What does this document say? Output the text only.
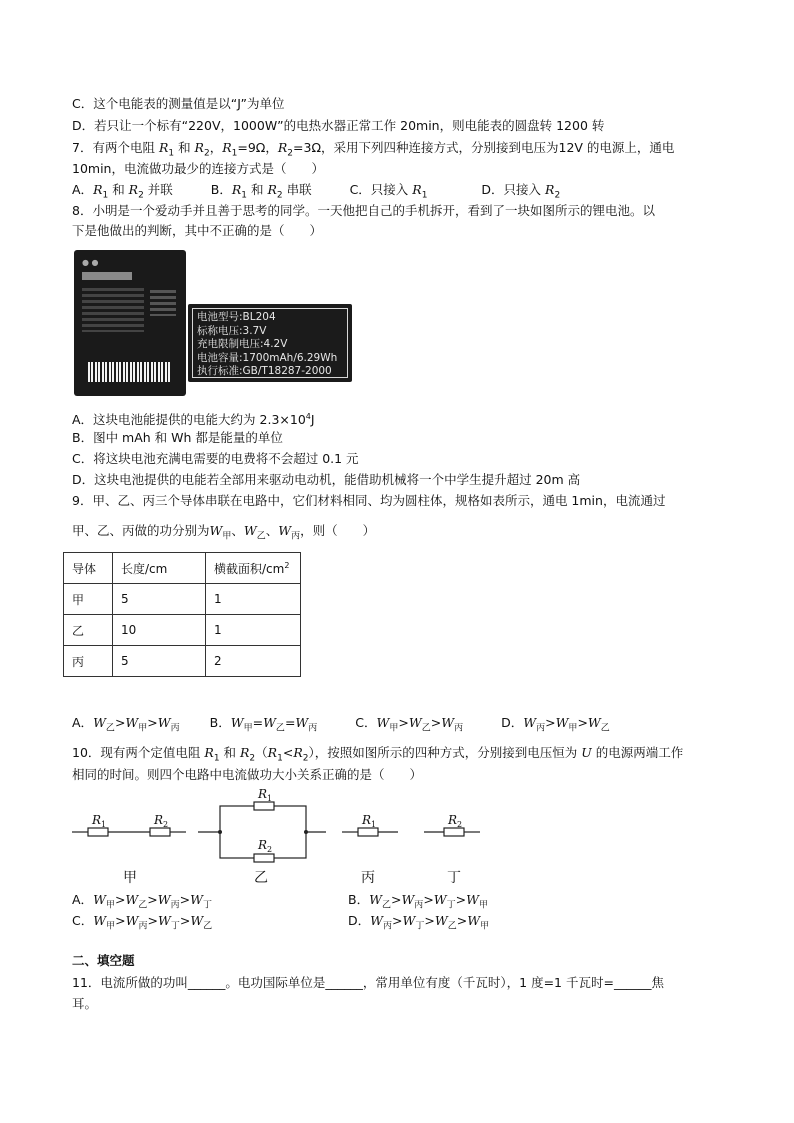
C．这个电能表的测量值是以“J”为单位
D．若只让一个标有“220V，1000W”的电热水器正常工作 20min，则电能表的圆盘转 1200 转
7．有两个电阻 $R_1$ 和 $R_2$，$R_1=9\Omega$，$R_2=3\Omega$，采用下列四种连接方式，分别接到电压为12V 的电源上，通电
10min，电流做功最少的连接方式是（　　）
A．$R_1$ 和 $R_2$ 并联	B．$R_1$ 和 $R_2$ 串联	C．只接入 $R_1$	D．只接入 $R_2$
8．小明是一个爱动手并且善于思考的同学。一天他把自己的手机拆开，看到了一块如图所示的锂电池。以
下是他做出的判断，其中不正确的是（　　）
● ●
电池型号:BL204
标称电压:3.7V
充电限制电压:4.2V
电池容量:1700mAh/6.29Wh
执行标准:GB/T18287-2000
A．这块电池能提供的电能大约为 $2.3\times 10^4J$
B．图中 mAh 和 Wh 都是能量的单位
C．将这块电池充满电需要的电费将不会超过 0.1 元
D．这块电池提供的电能若全部用来驱动电动机，能借助机械将一个中学生提升超过 20m 高
9．甲、乙、丙三个导体串联在电路中，它们材料相同、均为圆柱体，规格如表所示，通电 1min，电流通过
甲、乙、丙做的功分别为$W_甲$、$W_乙$、$W_丙$，则（　　）
导体	长度/cm	横截面积$/cm^2$
甲	5	1
乙	10	1
丙	5	2
A．$W_乙>W_甲>W_丙$ B．$W_甲=W_乙=W_丙$	C．$W_甲>W_乙>W_丙$	D．$W_丙>W_甲>W_乙$
10．现有两个定值电阻 $R_1$ 和 $R_2(R_1<R_2)$，按照如图所示的四种方式，分别接到电压恒为 U 的电源两端工作
相同的时间。则四个电路中电流做功大小关系正确的是（　　）
$R_1$	$R_2$
$R_1$
$R_2$
$R_1$	$R_2$
甲	乙	丙	丁
A．$W_甲>W_乙>W_丙>W_丁$	B．$W_乙>W_丙>W_丁>W_甲$
C．$W_甲>W_丙>W_丁>W_乙$	D．$W_丙>W_丁>W_乙>W_甲$
二、填空题
11．电流所做的功叫______。电功国际单位是______，常用单位有度（千瓦时），1 度=1 千瓦时=______焦
耳。
